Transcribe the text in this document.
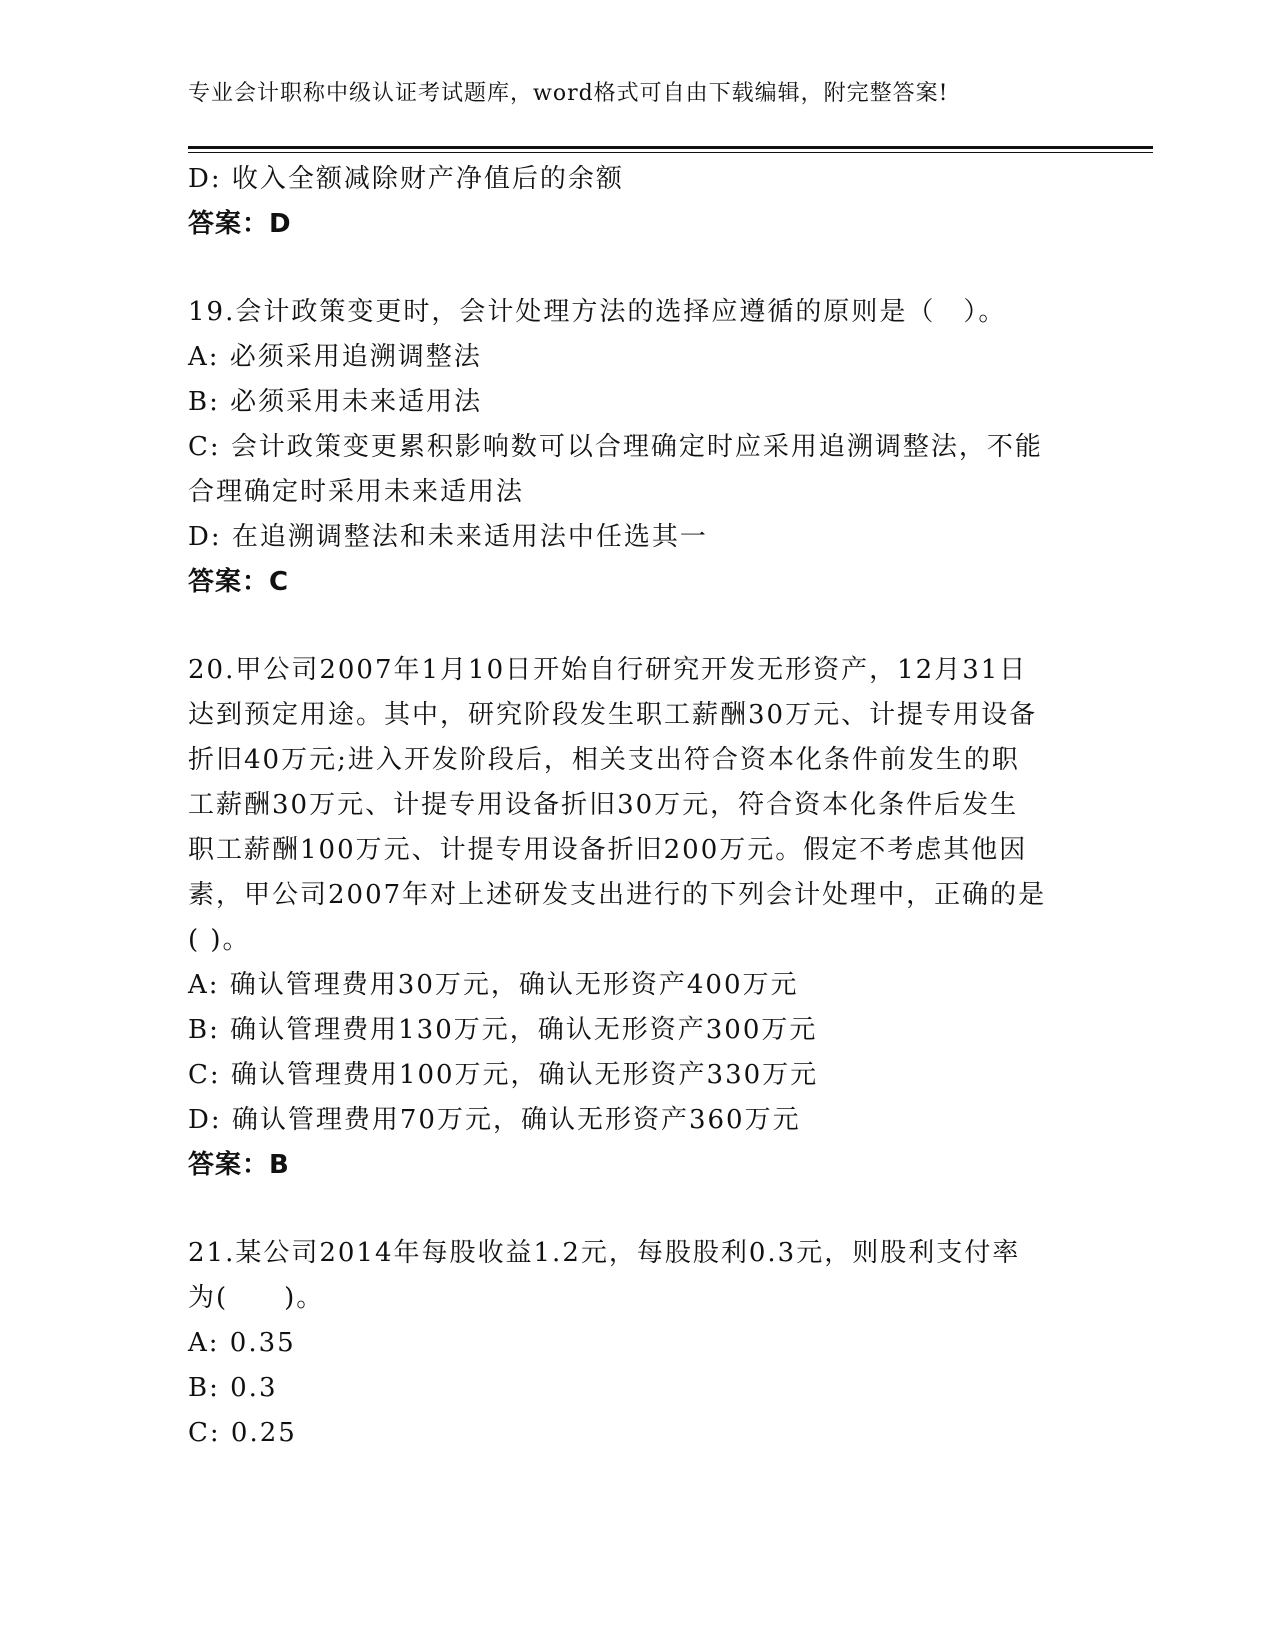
专业会计职称中级认证考试题库，word格式可自由下载编辑，附完整答案!
D: 收入全额减除财产净值后的余额
答案：D
19.会计政策变更时，会计处理方法的选择应遵循的原则是（　）。
A: 必须采用追溯调整法
B: 必须采用未来适用法
C: 会计政策变更累积影响数可以合理确定时应采用追溯调整法，不能
合理确定时采用未来适用法
D: 在追溯调整法和未来适用法中任选其一
答案：C
20.甲公司2007年1月10日开始自行研究开发无形资产，12月31日
达到预定用途。其中，研究阶段发生职工薪酬30万元、计提专用设备
折旧40万元;进入开发阶段后，相关支出符合资本化条件前发生的职
工薪酬30万元、计提专用设备折旧30万元，符合资本化条件后发生
职工薪酬100万元、计提专用设备折旧200万元。假定不考虑其他因
素，甲公司2007年对上述研发支出进行的下列会计处理中，正确的是
( )。
A: 确认管理费用30万元，确认无形资产400万元
B: 确认管理费用130万元，确认无形资产300万元
C: 确认管理费用100万元，确认无形资产330万元
D: 确认管理费用70万元，确认无形资产360万元
答案：B
21.某公司2014年每股收益1.2元，每股股利0.3元，则股利支付率
为(　　)。
A: 0.35
B: 0.3
C: 0.25
